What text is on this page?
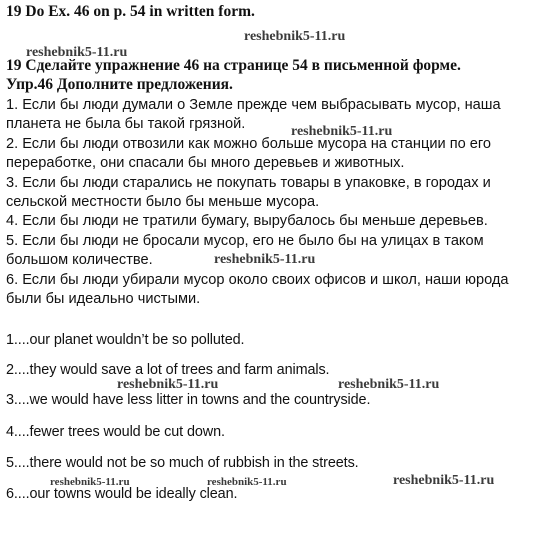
19 Do Ex. 46 on p. 54 in written form.
19 Сделайте упражнение 46 на странице 54 в письменной форме.
Упр.46 Дополните предложения.
1. Если бы люди думали о Земле прежде чем выбрасывать мусор, наша
планета не была бы такой грязной.
2. Если бы люди отвозили как можно больше мусора на станции по его
переработке, они спасали бы много деревьев и животных.
3. Если бы люди старались не покупать товары в упаковке, в городах и
сельской местности было бы меньше мусора.
4. Если бы люди не тратили бумагу, вырубалось бы меньше деревьев.
5. Если бы люди не бросали мусор, его не было бы на улицах в таком
большом количестве.
6. Если бы люди убирали мусор около своих офисов и школ, наши юрода
были бы идеально чистыми.
1....our planet wouldn’t be so polluted.
2....they would save a lot of trees and farm animals.
3....we would have less litter in towns and the countryside.
4....fewer trees would be cut down.
5....there would not be so much of rubbish in the streets.
6....our towns would be ideally clean.
reshebnik5-11.ru
reshebnik5-11.ru
reshebnik5-11.ru
reshebnik5-11.ru
reshebnik5-11.ru	reshebnik5-11.ru
reshebnik5-11.ru	reshebnik5-11.ru	reshebnik5-11.ru
